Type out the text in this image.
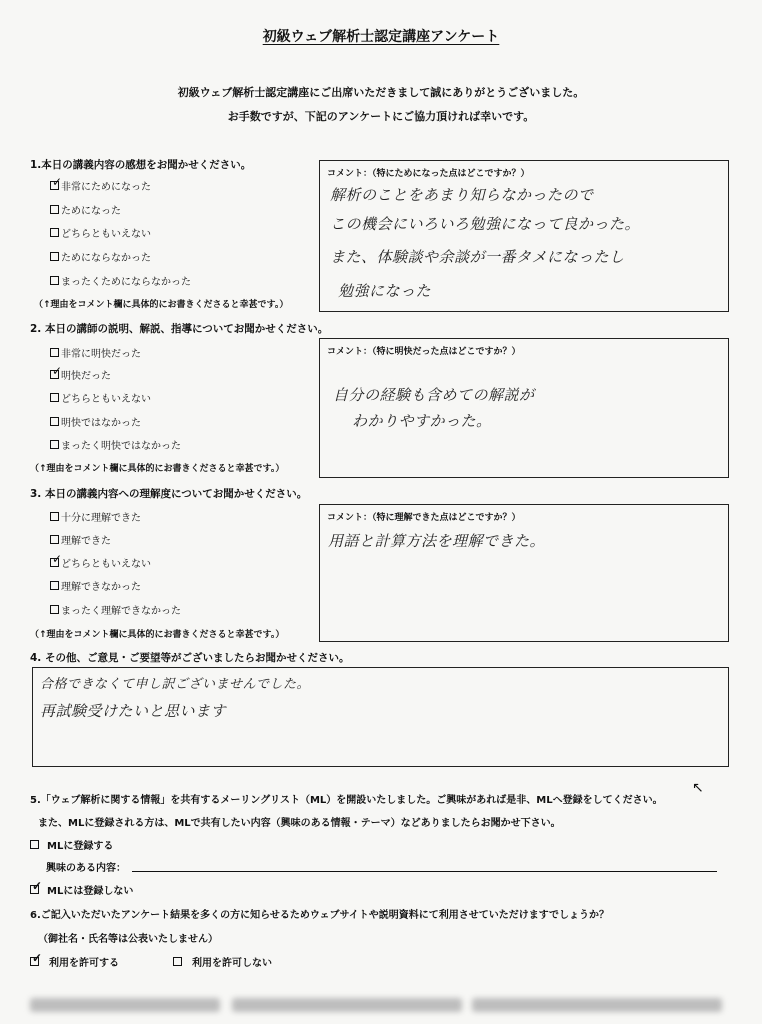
初級ウェブ解析士認定講座アンケート
初級ウェブ解析士認定講座にご出席いただきまして誠にありがとうございました。
お手数ですが、下記のアンケートにご協力頂ければ幸いです。
1.本日の講義内容の感想をお聞かせください。
✓
非常にためになった
ためになった
どちらともいえない
ためにならなかった
まったくためにならなかった
（↑理由をコメント欄に具体的にお書きくださると幸甚です。）
コメント：（特にためになった点はどこですか？）
解析のことをあまり知らなかったので
この機会にいろいろ勉強になって良かった。
また、体験談や余談が一番タメになったし
勉強になった
2. 本日の講師の説明、解説、指導についてお聞かせください。
非常に明快だった
✓
明快だった
どちらともいえない
明快ではなかった
まったく明快ではなかった
（↑理由をコメント欄に具体的にお書きくださると幸甚です。）
コメント：（特に明快だった点はどこですか？）
自分の経験も含めての解説が
わかりやすかった。
3. 本日の講義内容への理解度についてお聞かせください。
十分に理解できた
理解できた
✓
どちらともいえない
理解できなかった
まったく理解できなかった
（↑理由をコメント欄に具体的にお書きくださると幸甚です。）
コメント：（特に理解できた点はどこですか？）
用語と計算方法を理解できた。
4. その他、ご意見・ご要望等がございましたらお聞かせください。
合格できなくて申し訳ございませんでした。
再試験受けたいと思います
↖
5.「ウェブ解析に関する情報」を共有するメーリングリスト（ML）を開設いたしました。ご興味があれば是非、MLへ登録をしてください。
また、MLに登録される方は、MLで共有したい内容（興味のある情報・テーマ）などありましたらお聞かせ下さい。
MLに登録する
興味のある内容：
✓ MLには登録しない
6.ご記入いただいたアンケート結果を多くの方に知らせるためウェブサイトや説明資料にて利用させていただけますでしょうか？
（御社名・氏名等は公表いたしません）
✓ 利用を許可する	利用を許可しない
